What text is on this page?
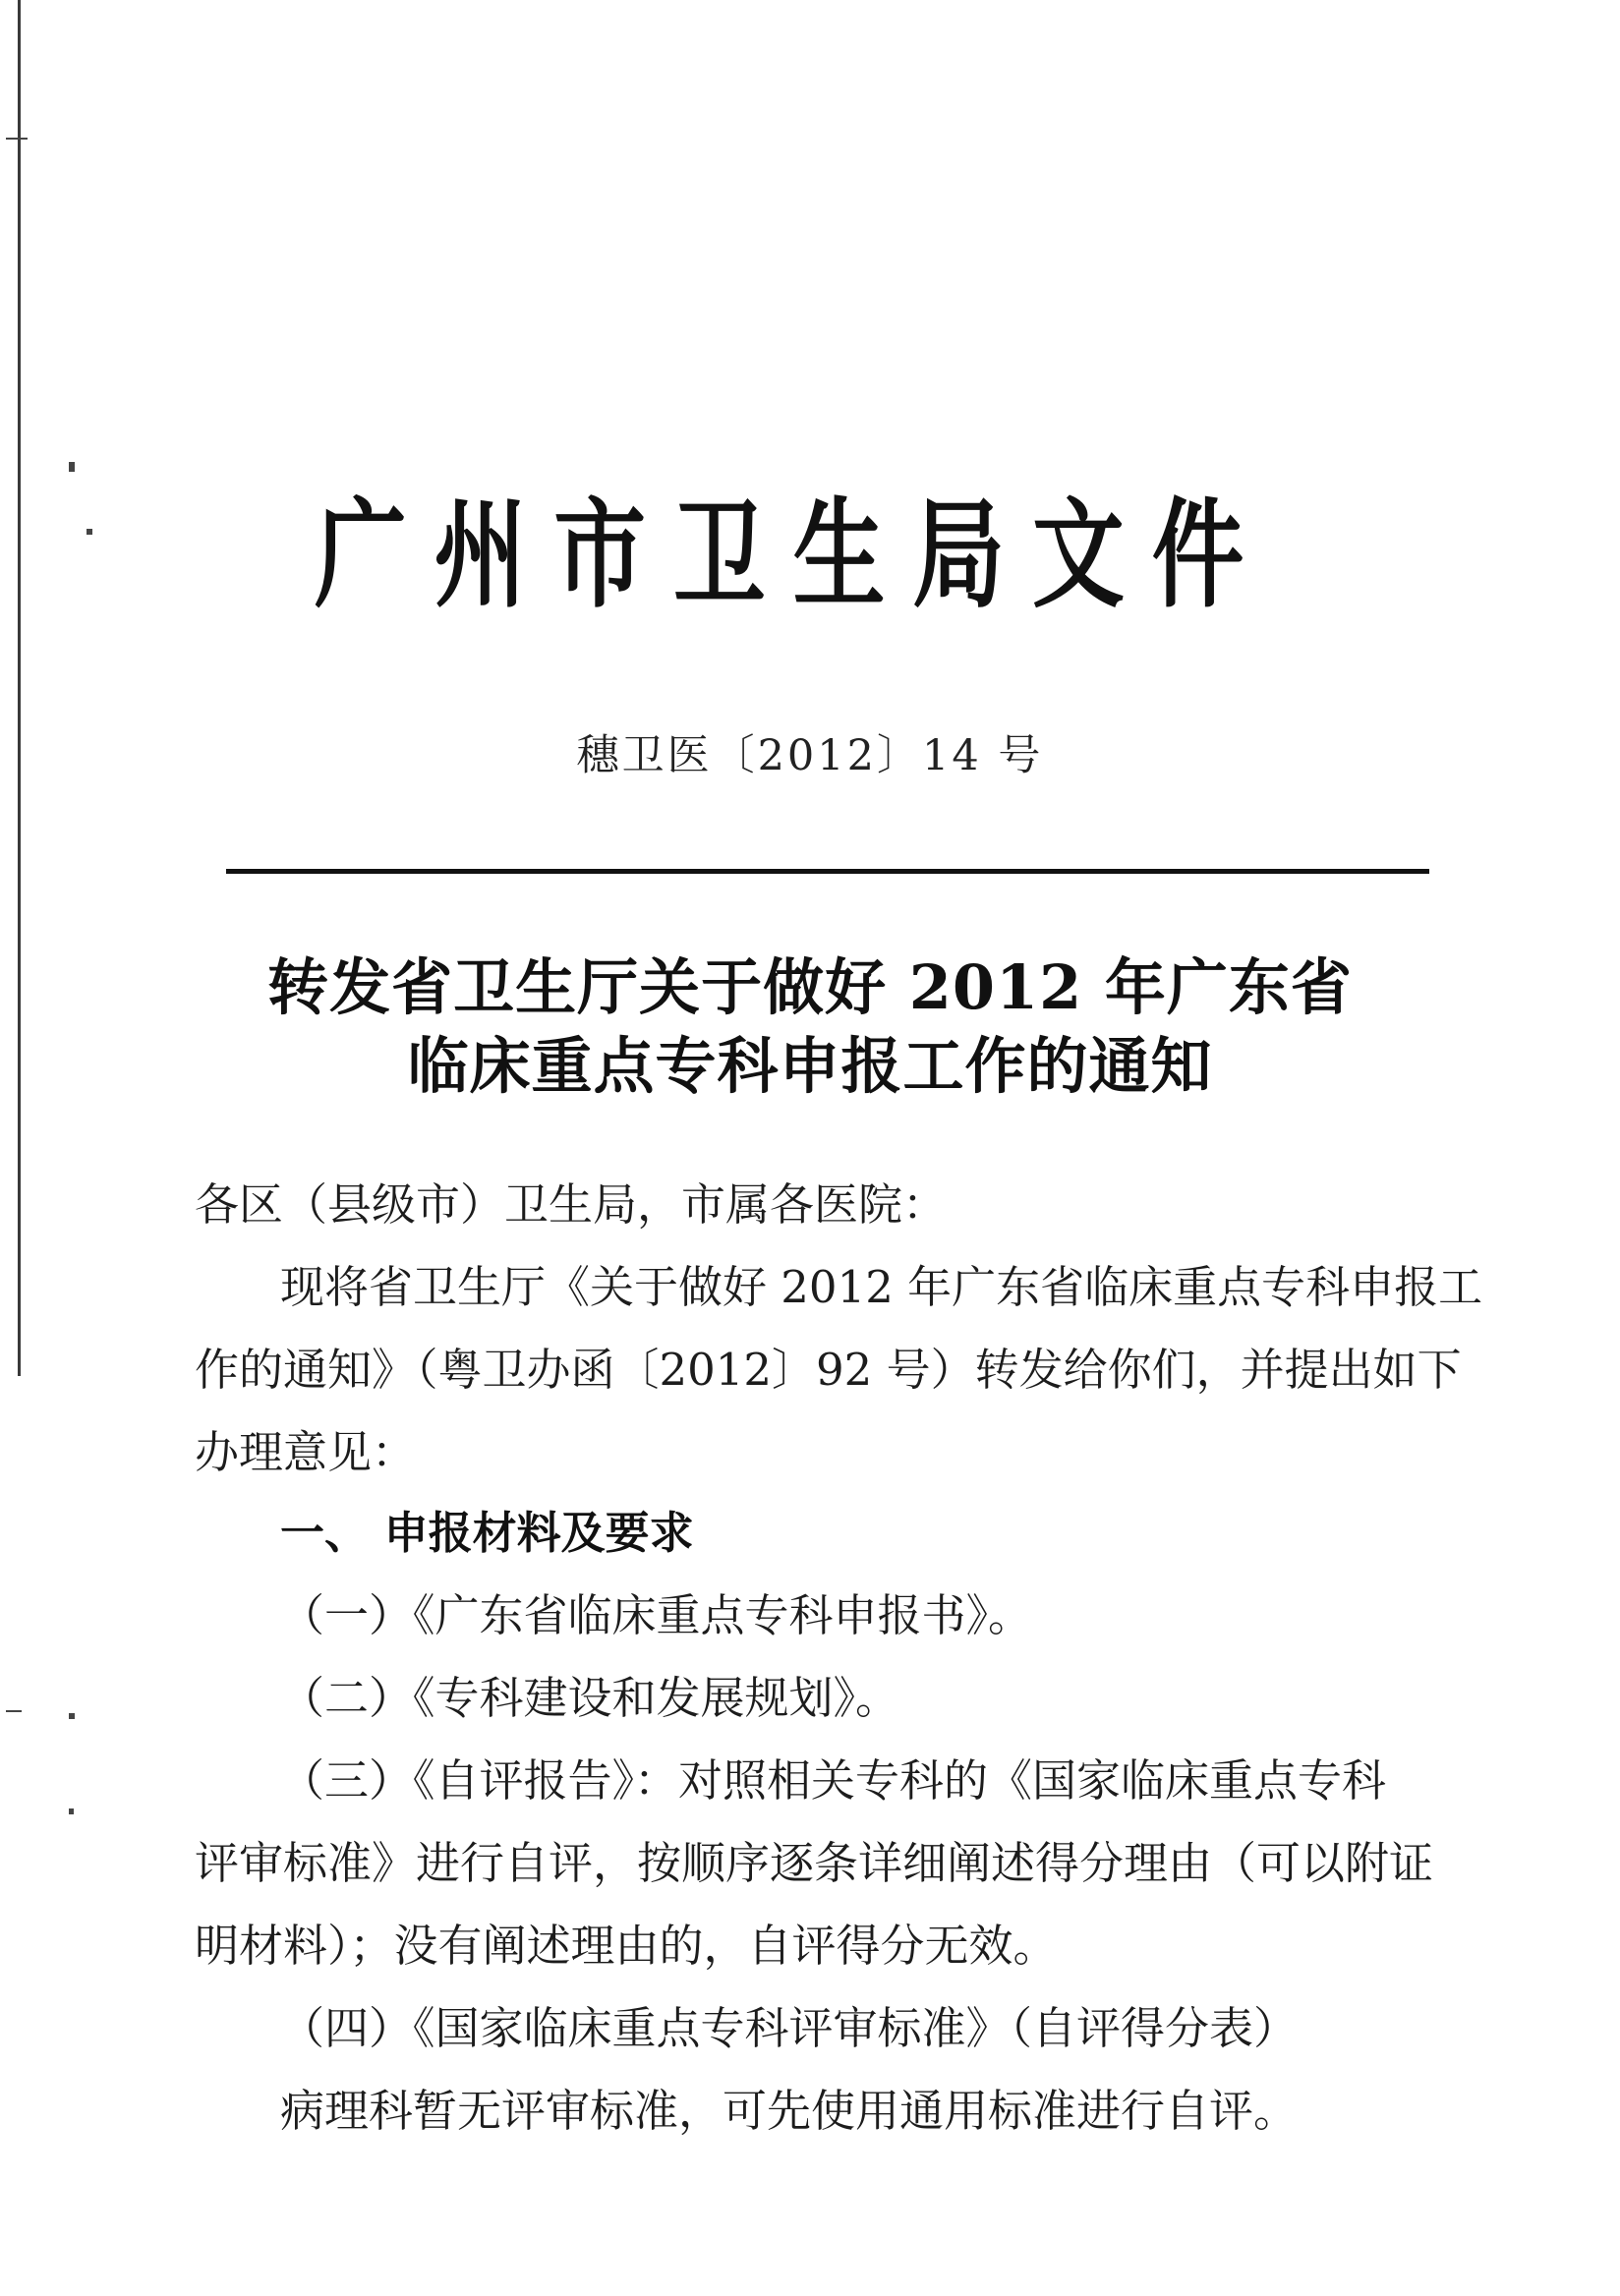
广州市卫生局文件
穗卫医〔2012〕14 号
转发省卫生厅关于做好 2012 年广东省
临床重点专科申报工作的通知
各区（县级市）卫生局，市属各医院：
现将省卫生厅《关于做好 2012 年广东省临床重点专科申报工
作的通知》（粤卫办函〔2012〕92 号）转发给你们，并提出如下
办理意见：
一、 申报材料及要求
（一）《广东省临床重点专科申报书》。
（二）《专科建设和发展规划》。
（三）《自评报告》：对照相关专科的《国家临床重点专科
评审标准》进行自评，按顺序逐条详细阐述得分理由（可以附证
明材料）；没有阐述理由的，自评得分无效。
（四）《国家临床重点专科评审标准》（自评得分表）
病理科暂无评审标准，可先使用通用标准进行自评。
